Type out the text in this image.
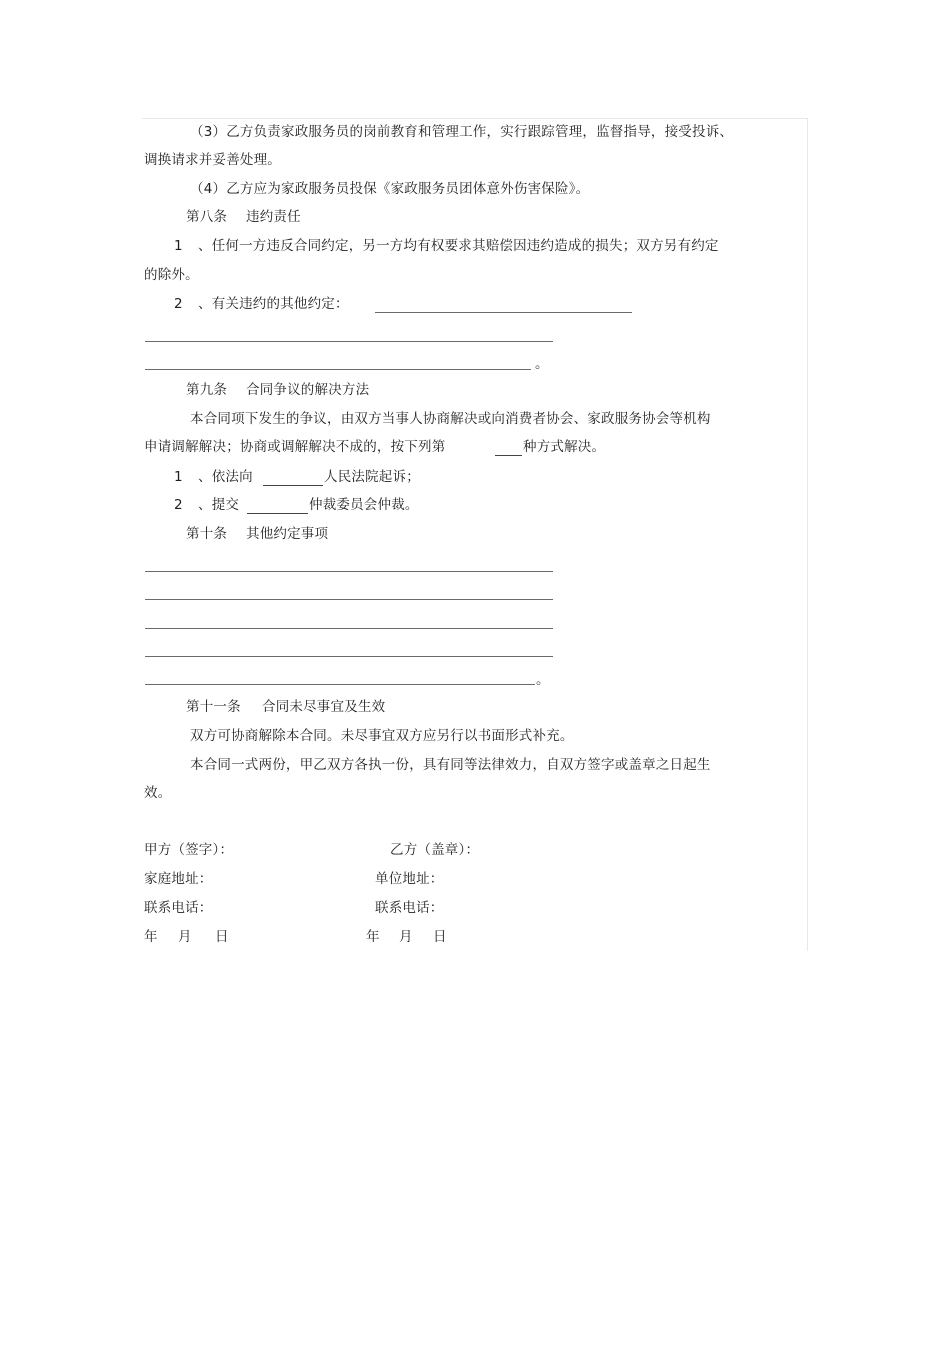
（3）乙方负责家政服务员的岗前教育和管理工作，实行跟踪管理，监督指导，接受投诉、
调换请求并妥善处理。
（4）乙方应为家政服务员投保《家政服务员团体意外伤害保险》。
第八条 违约责任
1 、任何一方违反合同约定，另一方均有权要求其赔偿因违约造成的损失；双方另有约定
的除外。
2 、有关违约的其他约定：
。
第九条 合同争议的解决方法
本合同项下发生的争议，由双方当事人协商解决或向消费者协会、家政服务协会等机构
申请调解解决；协商或调解解决不成的，按下列第	种方式解决。
1 、依法向	人民法院起诉；
2 、提交	仲裁委员会仲裁。
第十条 其他约定事项
。
第十一条 合同未尽事宜及生效
双方可协商解除本合同。未尽事宜双方应另行以书面形式补充。
本合同一式两份，甲乙双方各执一份，具有同等法律效力，自双方签字或盖章之日起生
效。
甲方（签字）：	乙方（盖章）：
家庭地址：	单位地址：
联系电话：	联系电话：
年 月 日	年 月 日
